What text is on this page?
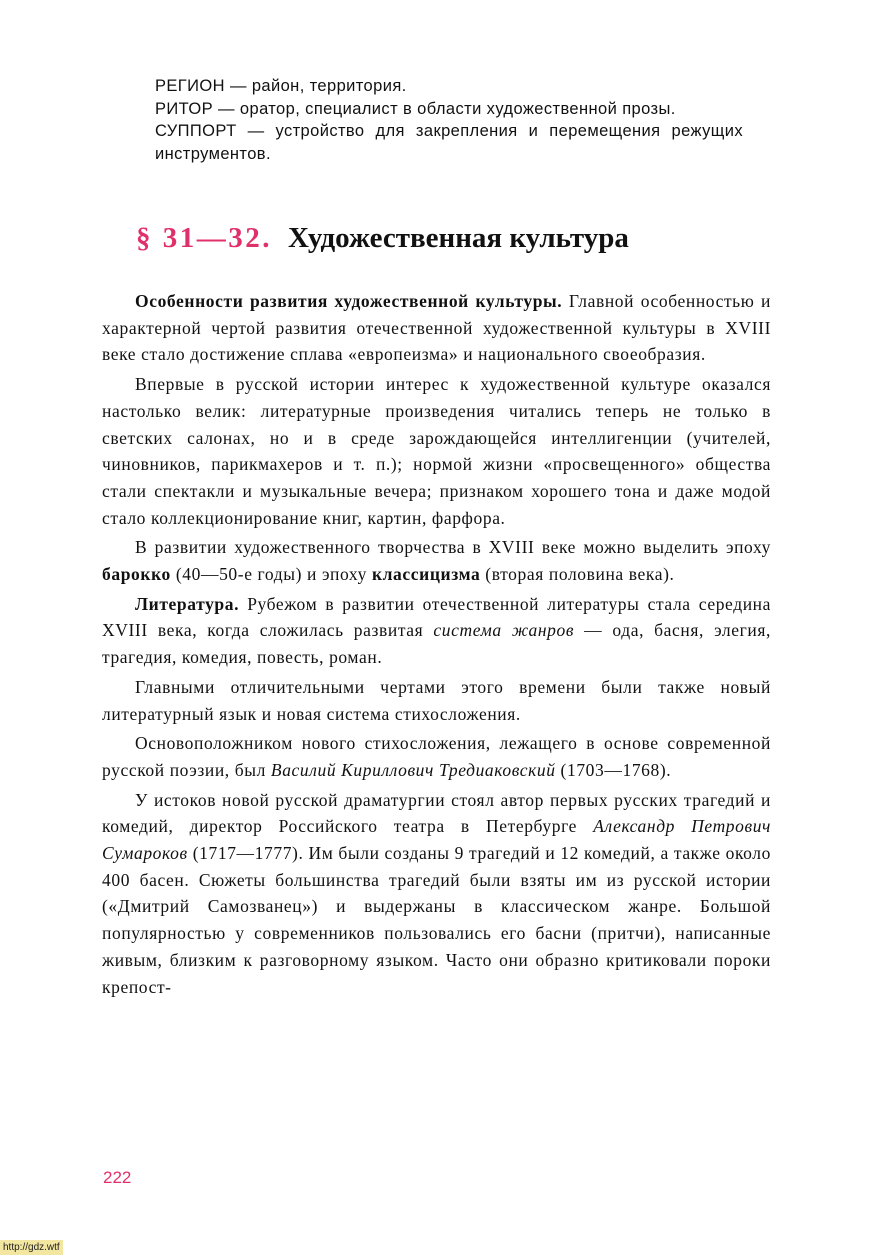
РЕГИОН — район, территория.

РИТОР — оратор, специалист в области художественной прозы.

СУППОРТ — устройство для закрепления и перемещения режущих инструментов.

§ 31—32. Художественная культура

Особенности развития художественной культуры. Главной особенностью и характерной чертой развития отечественной художественной культуры в XVIII веке стало достижение сплава «европеизма» и национального своеобразия.

Впервые в русской истории интерес к художественной культуре оказался настолько велик: литературные произведения читались теперь не только в светских салонах, но и в среде зарождающейся интеллигенции (учителей, чиновников, парикмахеров и т. п.); нормой жизни «просвещенного» общества стали спектакли и музыкальные вечера; признаком хорошего тона и даже модой стало коллекционирование книг, картин, фарфора.

В развитии художественного творчества в XVIII веке можно выделить эпоху барокко (40—50-е годы) и эпоху классицизма (вторая половина века).

Литература. Рубежом в развитии отечественной литературы стала середина XVIII века, когда сложилась развитая система жанров — ода, басня, элегия, трагедия, комедия, повесть, роман.

Главными отличительными чертами этого времени были также новый литературный язык и новая система стихосложения.

Основоположником нового стихосложения, лежащего в основе современной русской поэзии, был Василий Кириллович Тредиаковский (1703—1768).

У истоков новой русской драматургии стоял автор первых русских трагедий и комедий, директор Российского театра в Петербурге Александр Петрович Сумароков (1717—1777). Им были созданы 9 трагедий и 12 комедий, а также около 400 басен. Сюжеты большинства трагедий были взяты им из русской истории («Дмитрий Самозванец») и выдержаны в классическом жанре. Большой популярностью у современников пользовались его басни (притчи), написанные живым, близким к разговорному языком. Часто они образно критиковали пороки крепост-

222
http://gdz.wtf
